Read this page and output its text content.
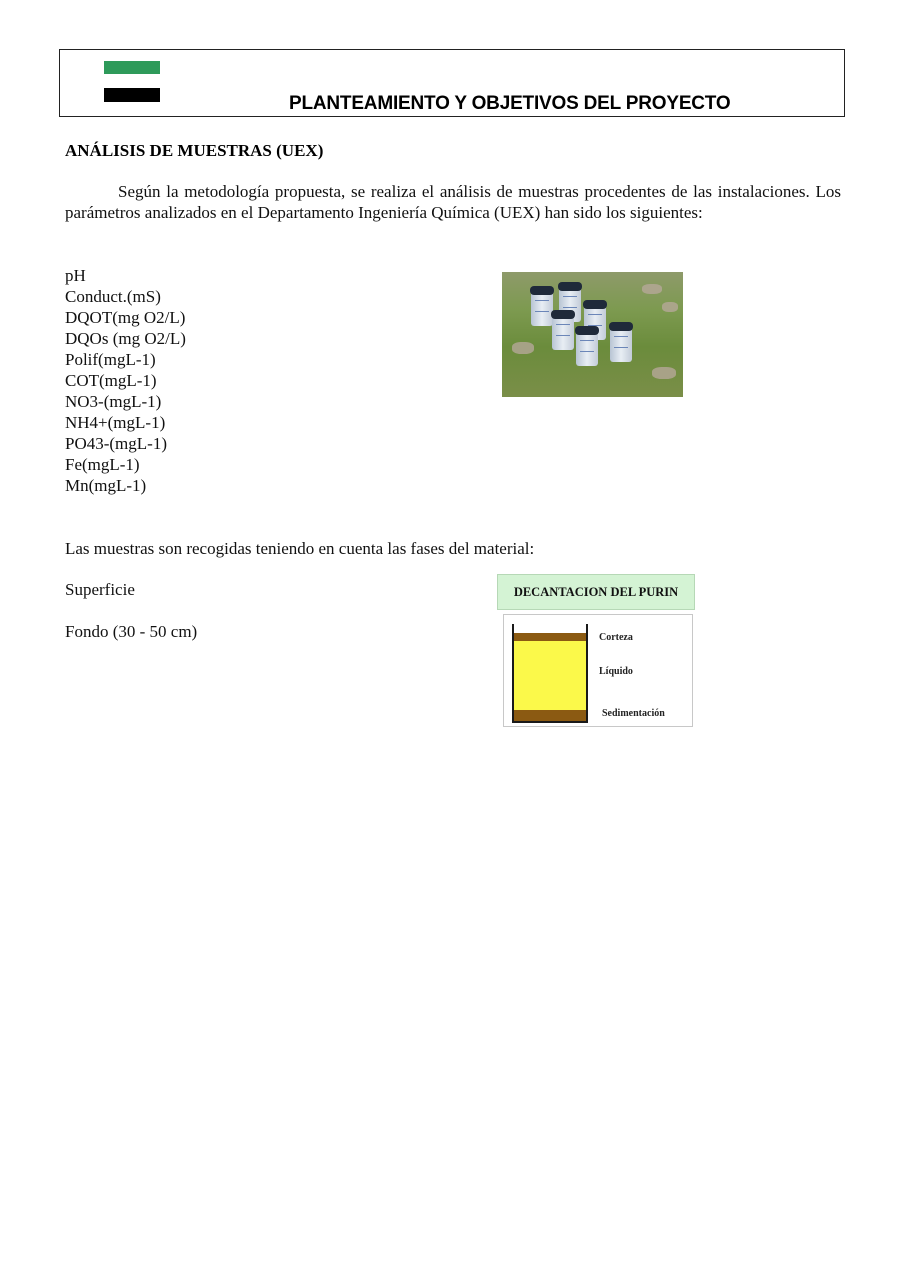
PLANTEAMIENTO Y OBJETIVOS DEL PROYECTO
ANÁLISIS DE MUESTRAS (UEX)

Según la metodología propuesta, se realiza el análisis de muestras procedentes de las instalaciones. Los parámetros analizados en el Departamento Ingeniería Química (UEX) han sido los siguientes:

pH
Conduct.(mS)
DQOT(mg O2/L)
DQOs (mg O2/L)
Polif(mgL-1)
COT(mgL-1)
NO3-(mgL-1)
NH4+(mgL-1)
PO43-(mgL-1)
Fe(mgL-1)
Mn(mgL-1)

Las muestras son recogidas teniendo en cuenta las fases del material:

Superficie

Fondo (30 - 50 cm)

DECANTACION DEL PURIN
Corteza
Líquido
Sedimentación
